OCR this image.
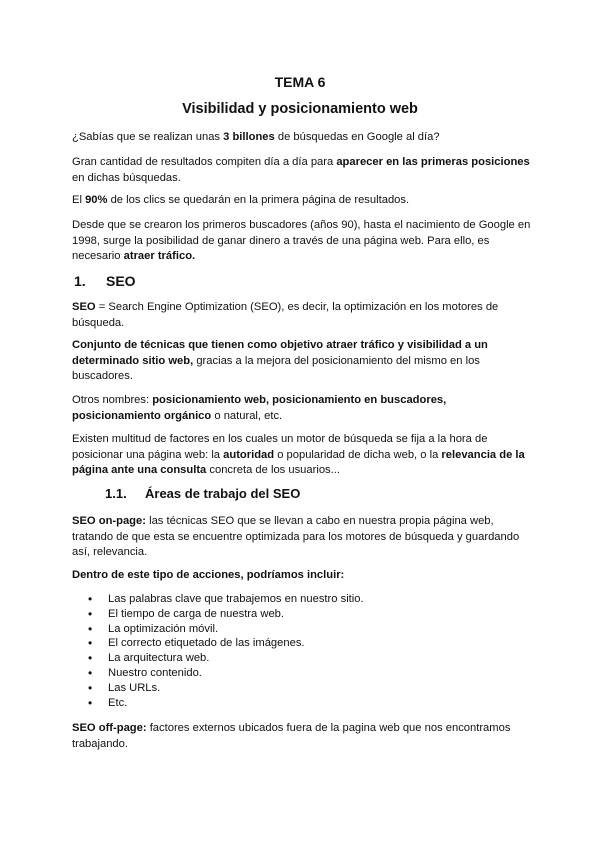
TEMA 6
Visibilidad y posicionamiento web

¿Sabías que se realizan unas 3 billones de búsquedas en Google al día?

Gran cantidad de resultados compiten día a día para aparecer en las primeras posiciones en dichas búsquedas.

El 90% de los clics se quedarán en la primera página de resultados.

Desde que se crearon los primeros buscadores (años 90), hasta el nacimiento de Google en 1998, surge la posibilidad de ganar dinero a través de una página web. Para ello, es necesario atraer tráfico.

1. SEO

SEO = Search Engine Optimization (SEO), es decir, la optimización en los motores de búsqueda.

Conjunto de técnicas que tienen como objetivo atraer tráfico y visibilidad a un determinado sitio web, gracias a la mejora del posicionamiento del mismo en los buscadores.

Otros nombres: posicionamiento web, posicionamiento en buscadores, posicionamiento orgánico o natural, etc.

Existen multitud de factores en los cuales un motor de búsqueda se fija a la hora de posicionar una página web: la autoridad o popularidad de dicha web, o la relevancia de la página ante una consulta concreta de los usuarios...

1.1. Áreas de trabajo del SEO

SEO on-page: las técnicas SEO que se llevan a cabo en nuestra propia página web, tratando de que esta se encuentre optimizada para los motores de búsqueda y guardando así, relevancia.

Dentro de este tipo de acciones, podríamos incluir:

• Las palabras clave que trabajemos en nuestro sitio.
• El tiempo de carga de nuestra web.
• La optimización móvil.
• El correcto etiquetado de las imágenes.
• La arquitectura web.
• Nuestro contenido.
• Las URLs.
• Etc.

SEO off-page: factores externos ubicados fuera de la pagina web que nos encontramos trabajando.
